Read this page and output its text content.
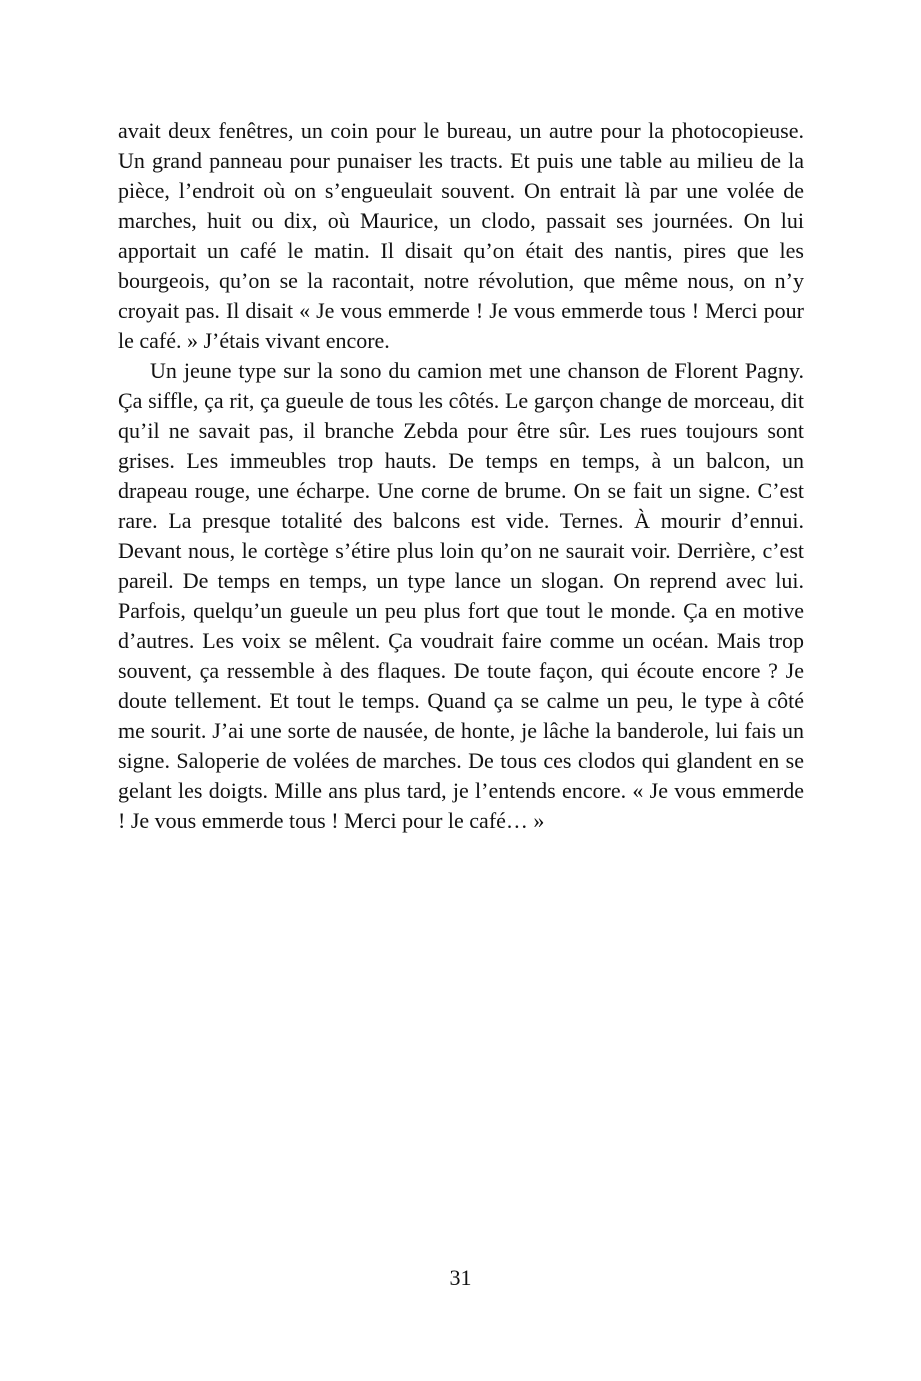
avait deux fenêtres, un coin pour le bureau, un autre pour la photocopieuse. Un grand panneau pour punaiser les tracts. Et puis une table au milieu de la pièce, l’endroit où on s’engueulait souvent. On entrait là par une volée de marches, huit ou dix, où Maurice, un clodo, passait ses journées. On lui apportait un café le matin. Il disait qu’on était des nantis, pires que les bourgeois, qu’on se la racontait, notre révolution, que même nous, on n’y croyait pas. Il disait « Je vous emmerde ! Je vous emmerde tous ! Merci pour le café. » J’étais vivant encore.

Un jeune type sur la sono du camion met une chanson de Florent Pagny. Ça siffle, ça rit, ça gueule de tous les côtés. Le garçon change de morceau, dit qu’il ne savait pas, il branche Zebda pour être sûr. Les rues toujours sont grises. Les immeubles trop hauts. De temps en temps, à un balcon, un drapeau rouge, une écharpe. Une corne de brume. On se fait un signe. C’est rare. La presque totalité des balcons est vide. Ternes. À mourir d’ennui. Devant nous, le cortège s’étire plus loin qu’on ne saurait voir. Derrière, c’est pareil. De temps en temps, un type lance un slogan. On reprend avec lui. Parfois, quelqu’un gueule un peu plus fort que tout le monde. Ça en motive d’autres. Les voix se mêlent. Ça voudrait faire comme un océan. Mais trop souvent, ça ressemble à des flaques. De toute façon, qui écoute encore ? Je doute tellement. Et tout le temps. Quand ça se calme un peu, le type à côté me sourit. J’ai une sorte de nausée, de honte, je lâche la banderole, lui fais un signe. Saloperie de volées de marches. De tous ces clodos qui glandent en se gelant les doigts. Mille ans plus tard, je l’entends encore. « Je vous emmerde ! Je vous emmerde tous ! Merci pour le café… »

31
